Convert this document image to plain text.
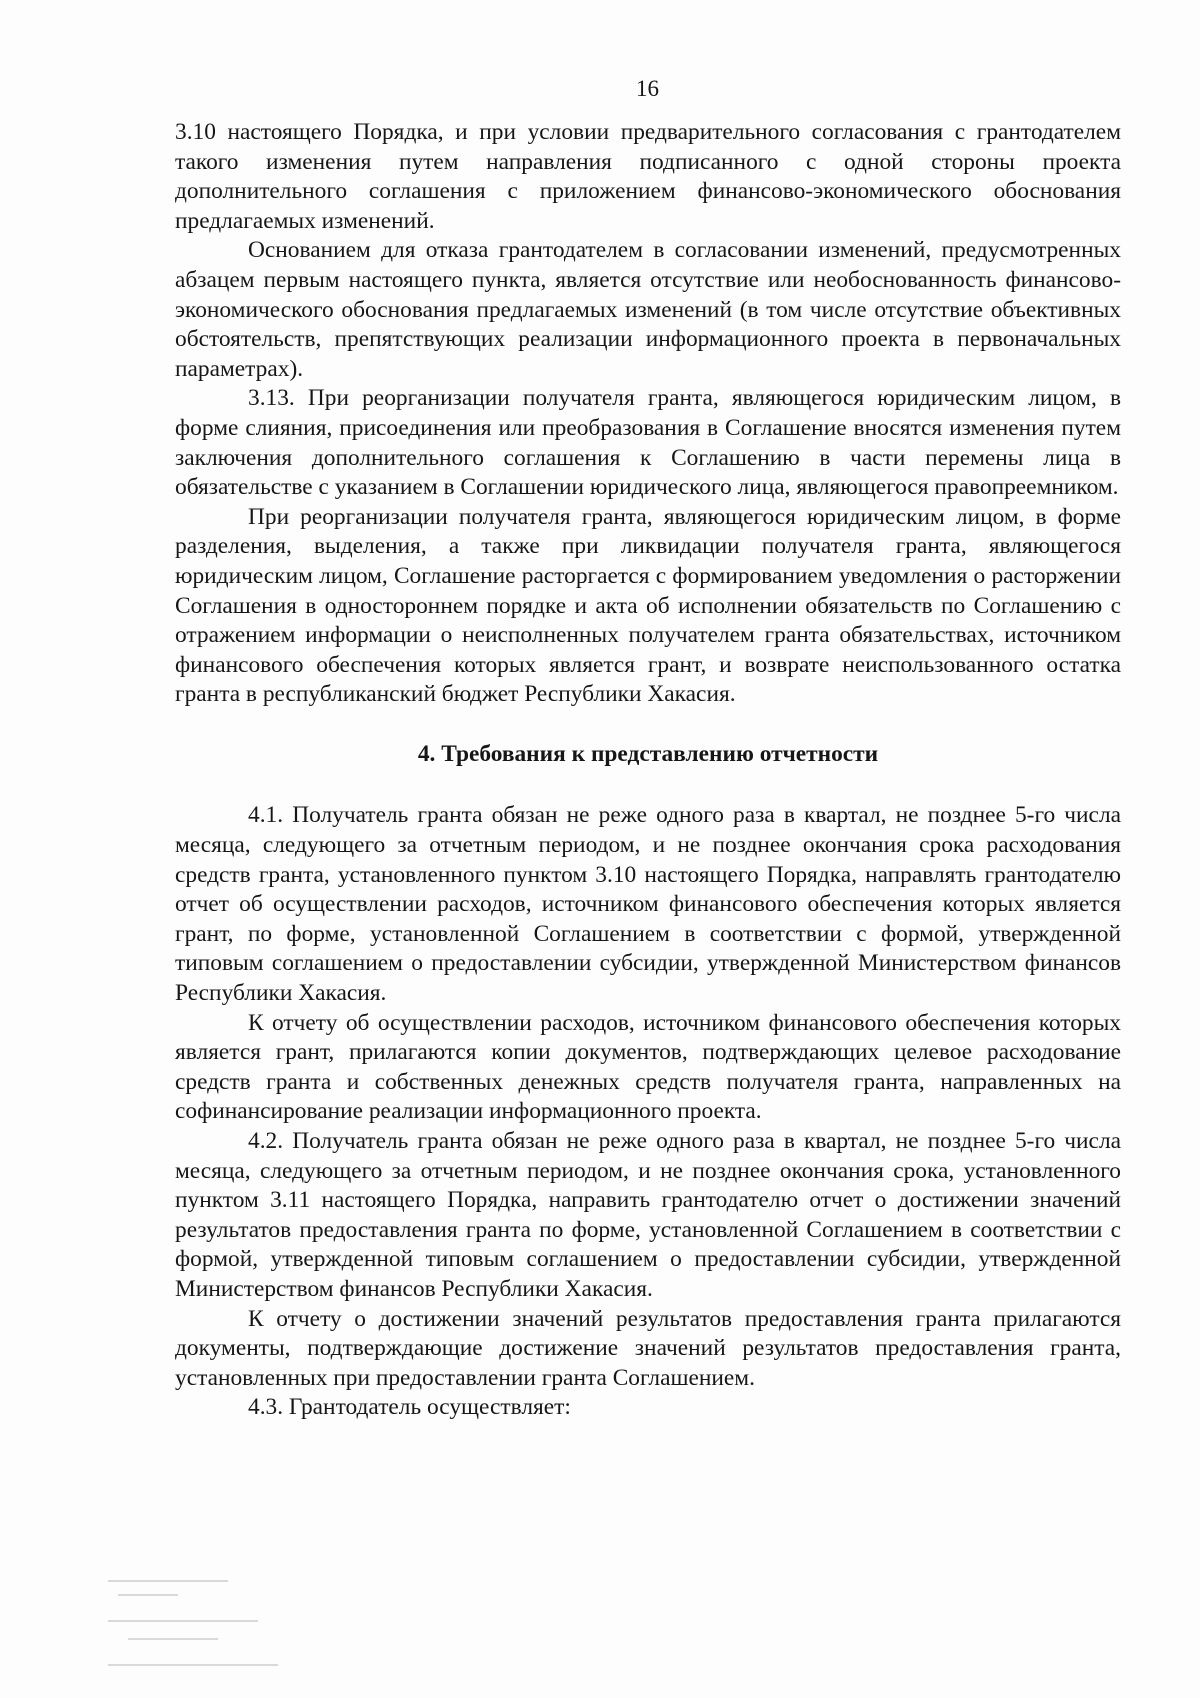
16

3.10 настоящего Порядка, и при условии предварительного согласования с грантодателем такого изменения путем направления подписанного с одной стороны проекта дополнительного соглашения с приложением финансово-экономического обоснования предлагаемых изменений.

Основанием для отказа грантодателем в согласовании изменений, предусмотренных абзацем первым настоящего пункта, является отсутствие или необоснованность финансово-экономического обоснования предлагаемых изменений (в том числе отсутствие объективных обстоятельств, препятствующих реализации информационного проекта в первоначальных параметрах).

3.13. При реорганизации получателя гранта, являющегося юридическим лицом, в форме слияния, присоединения или преобразования в Соглашение вносятся изменения путем заключения дополнительного соглашения к Соглашению в части перемены лица в обязательстве с указанием в Соглашении юридического лица, являющегося правопреемником.

При реорганизации получателя гранта, являющегося юридическим лицом, в форме разделения, выделения, а также при ликвидации получателя гранта, являющегося юридическим лицом, Соглашение расторгается с формированием уведомления о расторжении Соглашения в одностороннем порядке и акта об исполнении обязательств по Соглашению с отражением информации о неисполненных получателем гранта обязательствах, источником финансового обеспечения которых является грант, и возврате неиспользованного остатка гранта в республиканский бюджет Республики Хакасия.

4. Требования к представлению отчетности

4.1. Получатель гранта обязан не реже одного раза в квартал, не позднее 5-го числа месяца, следующего за отчетным периодом, и не позднее окончания срока расходования средств гранта, установленного пунктом 3.10 настоящего Порядка, направлять грантодателю отчет об осуществлении расходов, источником финансового обеспечения которых является грант, по форме, установленной Соглашением в соответствии с формой, утвержденной типовым соглашением о предоставлении субсидии, утвержденной Министерством финансов Республики Хакасия.

К отчету об осуществлении расходов, источником финансового обеспечения которых является грант, прилагаются копии документов, подтверждающих целевое расходование средств гранта и собственных денежных средств получателя гранта, направленных на софинансирование реализации информационного проекта.

4.2. Получатель гранта обязан не реже одного раза в квартал, не позднее 5-го числа месяца, следующего за отчетным периодом, и не позднее окончания срока, установленного пунктом 3.11 настоящего Порядка, направить грантодателю отчет о достижении значений результатов предоставления гранта по форме, установленной Соглашением в соответствии с формой, утвержденной типовым соглашением о предоставлении субсидии, утвержденной Министерством финансов Республики Хакасия.

К отчету о достижении значений результатов предоставления гранта прилагаются документы, подтверждающие достижение значений результатов предоставления гранта, установленных при предоставлении гранта Соглашением.

4.3. Грантодатель осуществляет:
